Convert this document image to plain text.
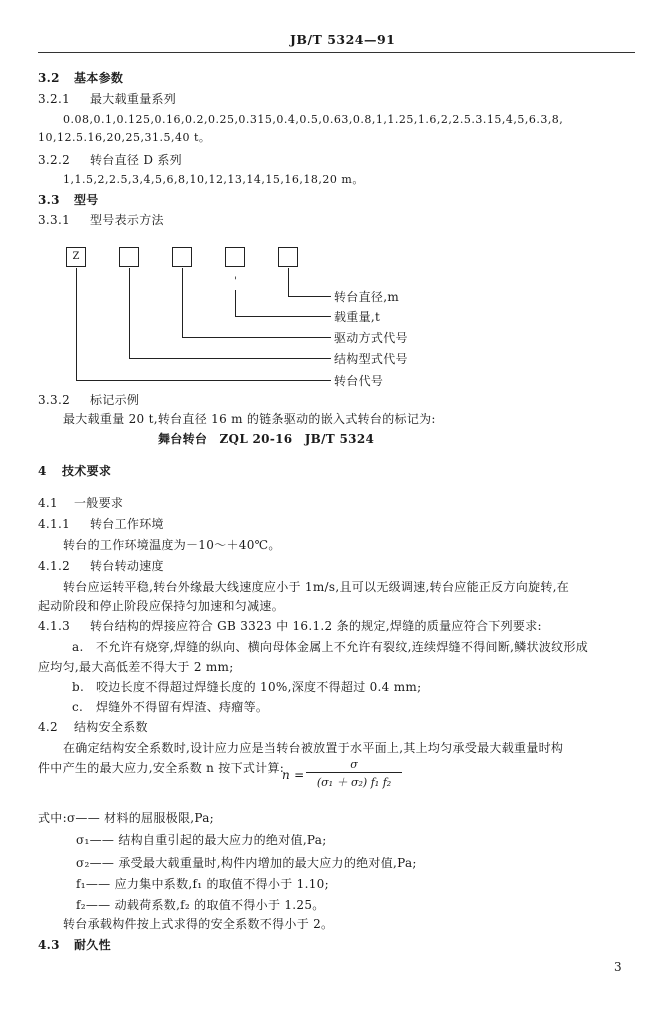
JB/T 5324—91
3.2 基本参数
3.2.1 最大载重量系列
0.08,0.1,0.125,0.16,0.2,0.25,0.315,0.4,0.5,0.63,0.8,1,1.25,1.6,2,2.5.3.15,4,5,6.3,8,
10,12.5.16,20,25,31.5,40 t。
3.2.2 转台直径 D 系列
1,1.5,2,2.5,3,4,5,6,8,10,12,13,14,15,16,18,20 m。
3.3 型号
3.3.1 型号表示方法
Z
'
转台直径,m
载重量,t
驱动方式代号
结构型式代号
转台代号
3.3.2 标记示例
最大载重量 20 t,转台直径 16 m 的链条驱动的嵌入式转台的标记为:
舞台转台　ZQL 20-16　JB/T 5324
4 技术要求
4.1 一般要求
4.1.1 转台工作环境
转台的工作环境温度为－10～＋40℃。
4.1.2 转台转动速度
转台应运转平稳,转台外缘最大线速度应小于 1m/s,且可以无级调速,转台应能正反方向旋转,在
起动阶段和停止阶段应保持匀加速和匀减速。
4.1.3 转台结构的焊接应符合 GB 3323 中 16.1.2 条的规定,焊缝的质量应符合下列要求:
a. 不允许有烧穿,焊缝的纵向、横向母体金属上不允许有裂纹,连续焊缝不得间断,鳞状波纹形成
应均匀,最大高低差不得大于 2 mm;
b. 咬边长度不得超过焊缝长度的 10%,深度不得超过 0.4 mm;
c. 焊缝外不得留有焊渣、痔瘤等。
4.2 结构安全系数
在确定结构安全系数时,设计应力应是当转台被放置于水平面上,其上均匀承受最大载重量时构
件中产生的最大应力,安全系数 n 按下式计算:
$n = \frac{\sigma}{\text{(σ₁ ＋ σ₂) f₁ f₂}}$
式中:σ—— 材料的屈服极限,Pa;
σ₁—— 结构自重引起的最大应力的绝对值,Pa;
σ₂—— 承受最大载重量时,构件内增加的最大应力的绝对值,Pa;
f₁—— 应力集中系数,f₁ 的取值不得小于 1.10;
f₂—— 动载荷系数,f₂ 的取值不得小于 1.25。
转台承载构件按上式求得的安全系数不得小于 2。
4.3 耐久性
3
